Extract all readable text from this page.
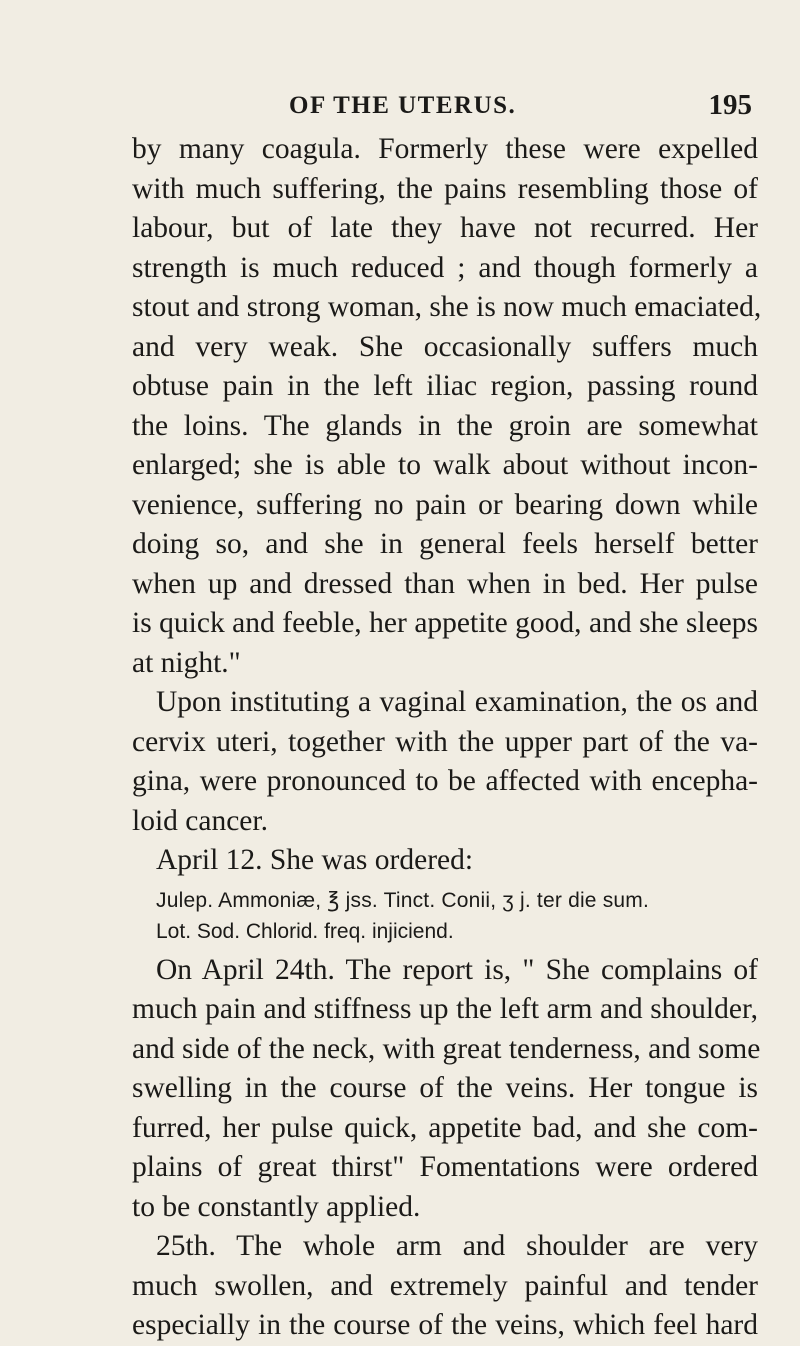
OF THE UTERUS.	195
by many coagula. Formerly these were expelled
with much suffering, the pains resembling those of
labour, but of late they have not recurred. Her
strength is much reduced ; and though formerly a
stout and strong woman, she is now much emaciated,
and very weak. She occasionally suffers much
obtuse pain in the left iliac region, passing round
the loins. The glands in the groin are somewhat
enlarged; she is able to walk about without incon-
venience, suffering no pain or bearing down while
doing so, and she in general feels herself better
when up and dressed than when in bed. Her pulse
is quick and feeble, her appetite good, and she sleeps
at night."
Upon instituting a vaginal examination, the os and
cervix uteri, together with the upper part of the va-
gina, were pronounced to be affected with encepha-
loid cancer.
April 12. She was ordered:
Julep. Ammoniæ, ℥ jss. Tinct. Conii, ʒ j. ter die sum.
Lot. Sod. Chlorid. freq. injiciend.
On April 24th. The report is, " She complains of
much pain and stiffness up the left arm and shoulder,
and side of the neck, with great tenderness, and some
swelling in the course of the veins. Her tongue is
furred, her pulse quick, appetite bad, and she com-
plains of great thirst" Fomentations were ordered
to be constantly applied.
25th. The whole arm and shoulder are very
much swollen, and extremely painful and tender
especially in the course of the veins, which feel hard
